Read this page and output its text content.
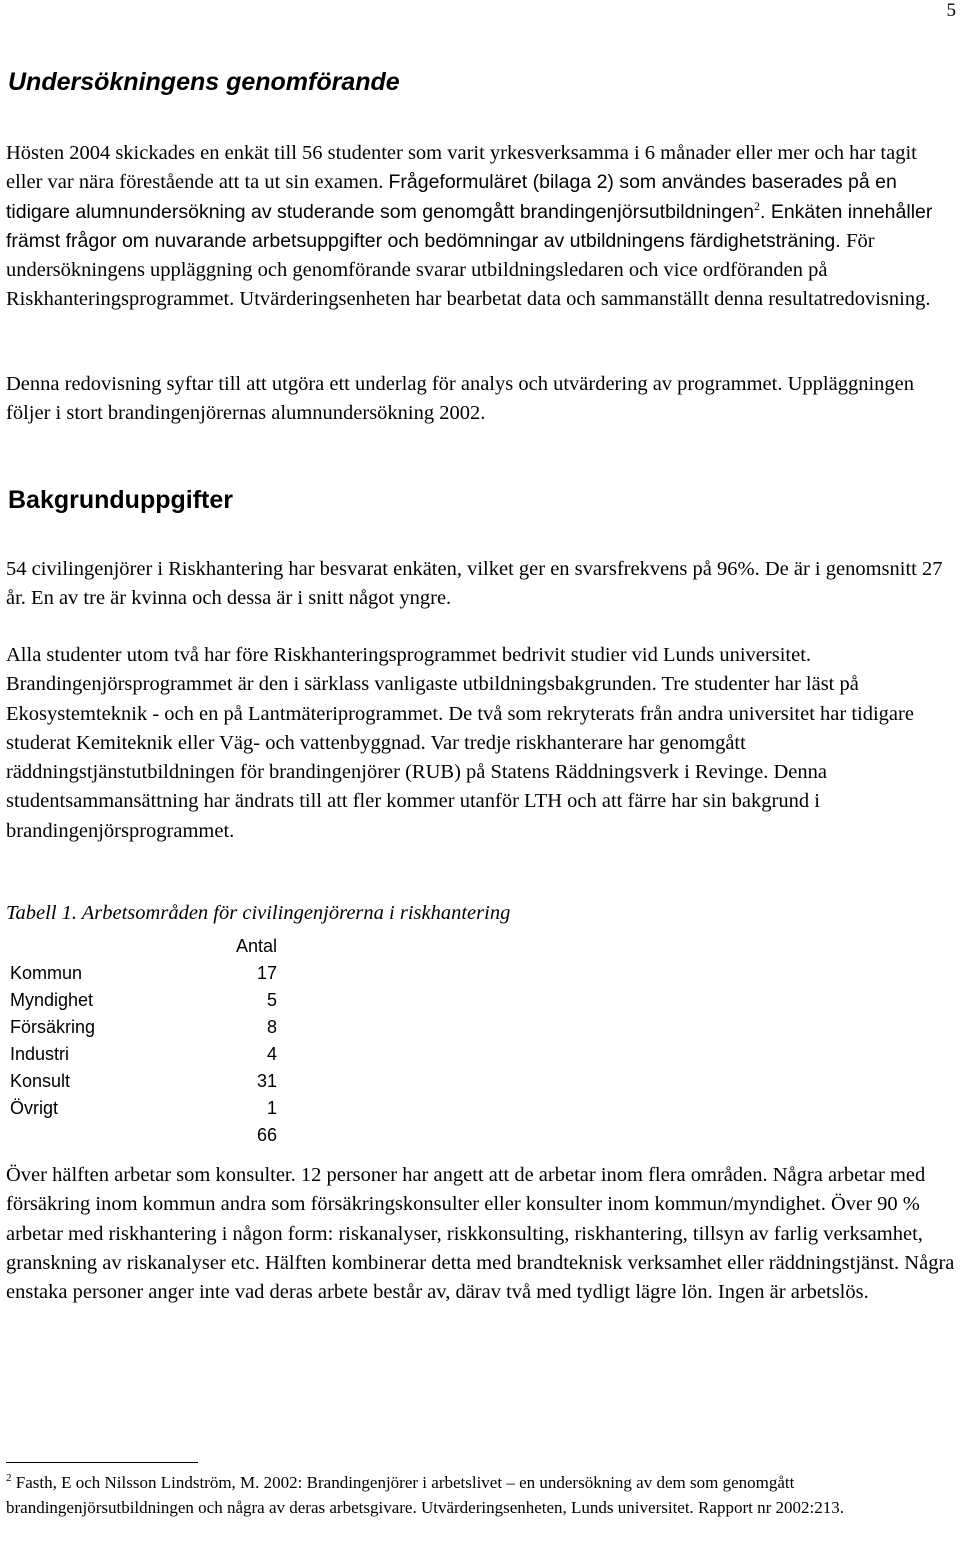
5
Undersökningens genomförande

Hösten 2004 skickades en enkät till 56 studenter som varit yrkesverksamma i 6 månader eller mer och har tagit eller var nära förestående att ta ut sin examen. Frågeformuläret (bilaga 2) som användes baserades på en tidigare alumnundersökning av studerande som genomgått brandingenjörsutbildningen$^2$. Enkäten innehåller främst frågor om nuvarande arbetsuppgifter och bedömningar av utbildningens färdighetsträning. För undersökningens uppläggning och genomförande svarar utbildningsledaren och vice ordföranden på Riskhanteringsprogrammet. Utvärderingsenheten har bearbetat data och sammanställt denna resultatredovisning.

Denna redovisning syftar till att utgöra ett underlag för analys och utvärdering av programmet. Uppläggningen följer i stort brandingenjörernas alumnundersökning 2002.

Bakgrunduppgifter

54 civilingenjörer i Riskhantering har besvarat enkäten, vilket ger en svarsfrekvens på 96%. De är i genomsnitt 27 år. En av tre är kvinna och dessa är i snitt något yngre.

Alla studenter utom två har före Riskhanteringsprogrammet bedrivit studier vid Lunds universitet. Brandingenjörsprogrammet är den i särklass vanligaste utbildningsbakgrunden. Tre studenter har läst på Ekosystemteknik - och en på Lantmäteriprogrammet. De två som rekryterats från andra universitet har tidigare studerat Kemiteknik eller Väg- och vattenbyggnad. Var tredje riskhanterare har genomgått räddningstjänstutbildningen för brandingenjörer (RUB) på Statens Räddningsverk i Revinge. Denna studentsammansättning har ändrats till att fler kommer utanför LTH och att färre har sin bakgrund i brandingenjörsprogrammet.

Tabell 1. Arbetsområden för civilingenjörerna i riskhantering

Antal
Kommun	17
Myndighet	5
Försäkring	8
Industri	4
Konsult	31
Övrigt	1
66

Över hälften arbetar som konsulter. 12 personer har angett att de arbetar inom flera områden. Några arbetar med försäkring inom kommun andra som försäkringskonsulter eller konsulter inom kommun/myndighet. Över 90 % arbetar med riskhantering i någon form: riskanalyser, riskkonsulting, riskhantering, tillsyn av farlig verksamhet, granskning av riskanalyser etc. Hälften kombinerar detta med brandteknisk verksamhet eller räddningstjänst. Några enstaka personer anger inte vad deras arbete består av, därav två med tydligt lägre lön. Ingen är arbetslös.

$^2$ Fasth, E och Nilsson Lindström, M. 2002: Brandingenjörer i arbetslivet – en undersökning av dem som genomgått brandingenjörsutbildningen och några av deras arbetsgivare. Utvärderingsenheten, Lunds universitet. Rapport nr 2002:213.
